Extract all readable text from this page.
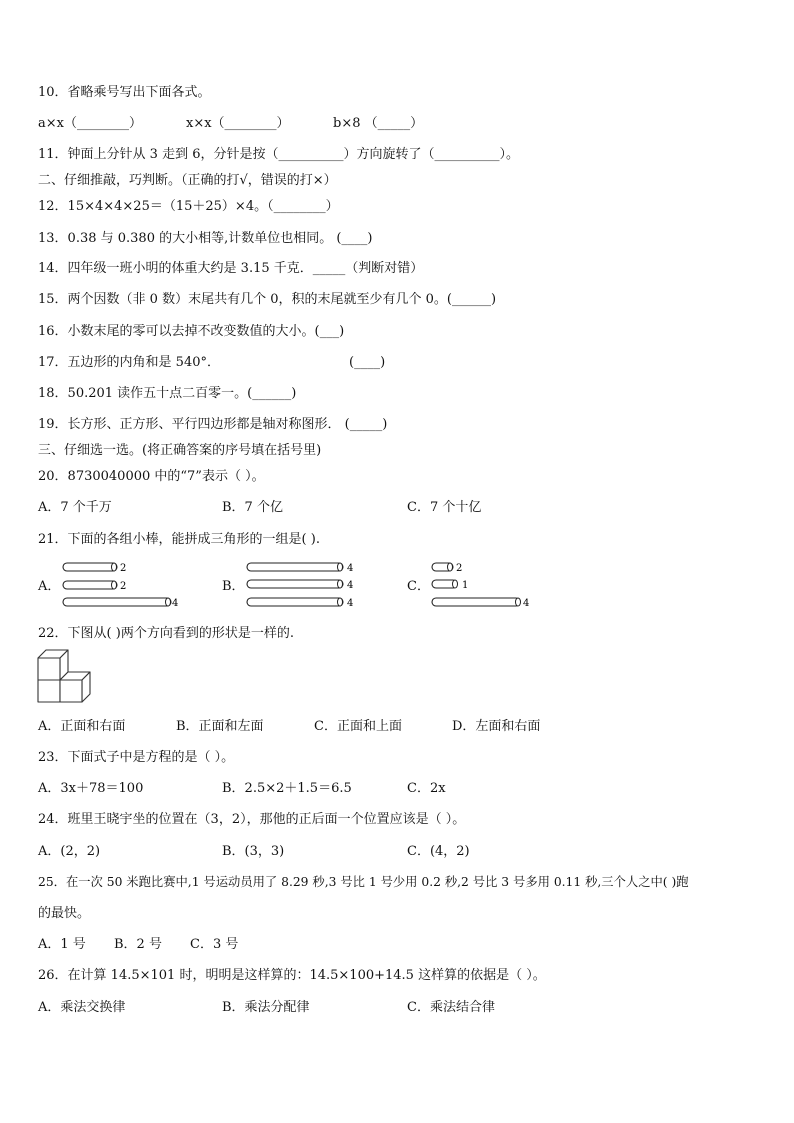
10．省略乘号写出下面各式。
a×x（________）	x×x（________）	b×8 （_____）
11．钟面上分针从 3 走到 6，分针是按（__________）方向旋转了（__________）。
二、仔细推敲，巧判断。（正确的打√，错误的打×）
12．15×4×4×25＝（15＋25）×4。（________）
13．0.38 与 0.380 的大小相等,计数单位也相同。 (____)
14．四年级一班小明的体重大约是 3.15 千克．_____（判断对错）
15．两个因数（非 0 数）末尾共有几个 0，积的末尾就至少有几个 0。(______)
16．小数末尾的零可以去掉不改变数值的大小。(___)
17．五边形的内角和是 540°．	(____)
18．50.201 读作五十点二百零一。(______)
19．长方形、正方形、平行四边形都是轴对称图形． (_____)
三、仔细选一选。(将正确答案的序号填在括号里)
20．8730040000 中的“7”表示（ ）。
A．7 个千万	B．7 个亿	C．7 个十亿
21．下面的各组小棒，能拼成三角形的一组是( ).
A．	B．	C．
2
2
4
4
4
4
2
1
4
22．下图从( )两个方向看到的形状是一样的.
A．正面和右面	B．正面和左面	C．正面和上面	D．左面和右面
23．下面式子中是方程的是（ ）。
A．3x＋78＝100	B．2.5×2＋1.5＝6.5	C．2x
24．班里王晓宇坐的位置在（3，2），那他的正后面一个位置应该是（ ）。
A．(2，2)	B．(3，3)	C．(4，2)
25．在一次 50 米跑比赛中,1 号运动员用了 8.29 秒,3 号比 1 号少用 0.2 秒,2 号比 3 号多用 0.11 秒,三个人之中( )跑
的最快。
A．1 号 B．2 号 C．3 号
26．在计算 14.5×101 时，明明是这样算的：14.5×100+14.5 这样算的依据是（ ）。
A．乘法交换律	B．乘法分配律	C．乘法结合律
